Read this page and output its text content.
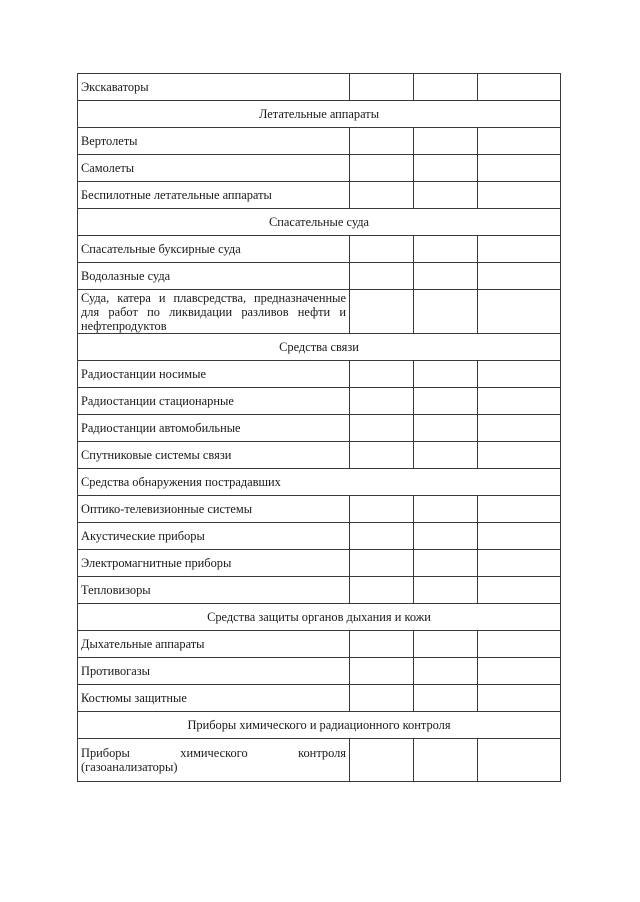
Экскаваторы			
Летательные аппараты			
Вертолеты			
Самолеты			
Беспилотные летательные аппараты			
Спасательные суда			
Спасательные буксирные суда			
Водолазные суда			
Суда, катера и плавсредства, предназначенные для работ по ликвидации разливов нефти и нефтепродуктов			
Средства связи			
Радиостанции носимые			
Радиостанции стационарные			
Радиостанции автомобильные			
Спутниковые системы связи			
Средства обнаружения пострадавших			
Оптико-телевизионные системы			
Акустические приборы			
Электромагнитные приборы			
Тепловизоры			
Средства защиты органов дыхания и кожи			
Дыхательные аппараты			
Противогазы			
Костюмы защитные			
Приборы химического и радиационного контроля			
Приборы химического контроля (газоанализаторы)			
